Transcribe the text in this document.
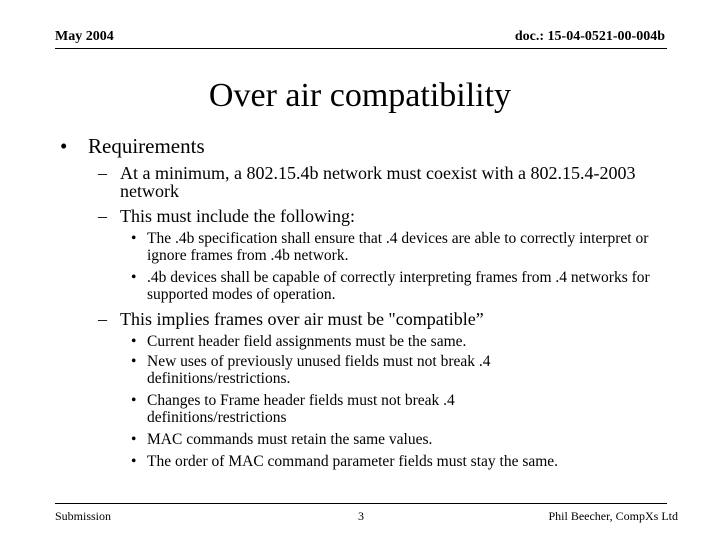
May 2004	doc.: 15-04-0521-00-004b
Over air compatibility
• Requirements
– At a minimum, a 802.15.4b network must coexist with a 802.15.4-2003 network
– This must include the following:
• The .4b specification shall ensure that .4 devices are able to correctly interpret or ignore frames from .4b network.
• .4b devices shall be capable of correctly interpreting frames from .4 networks for supported modes of operation.
– This implies frames over air must be "compatible”
• Current header field assignments must be the same.
• New uses of previously unused fields must not break .4 definitions/restrictions.
• Changes to Frame header fields must not break .4 definitions/restrictions
• MAC commands must retain the same values.
• The order of MAC command parameter fields must stay the same.
Submission	3	Phil Beecher, CompXs Ltd
